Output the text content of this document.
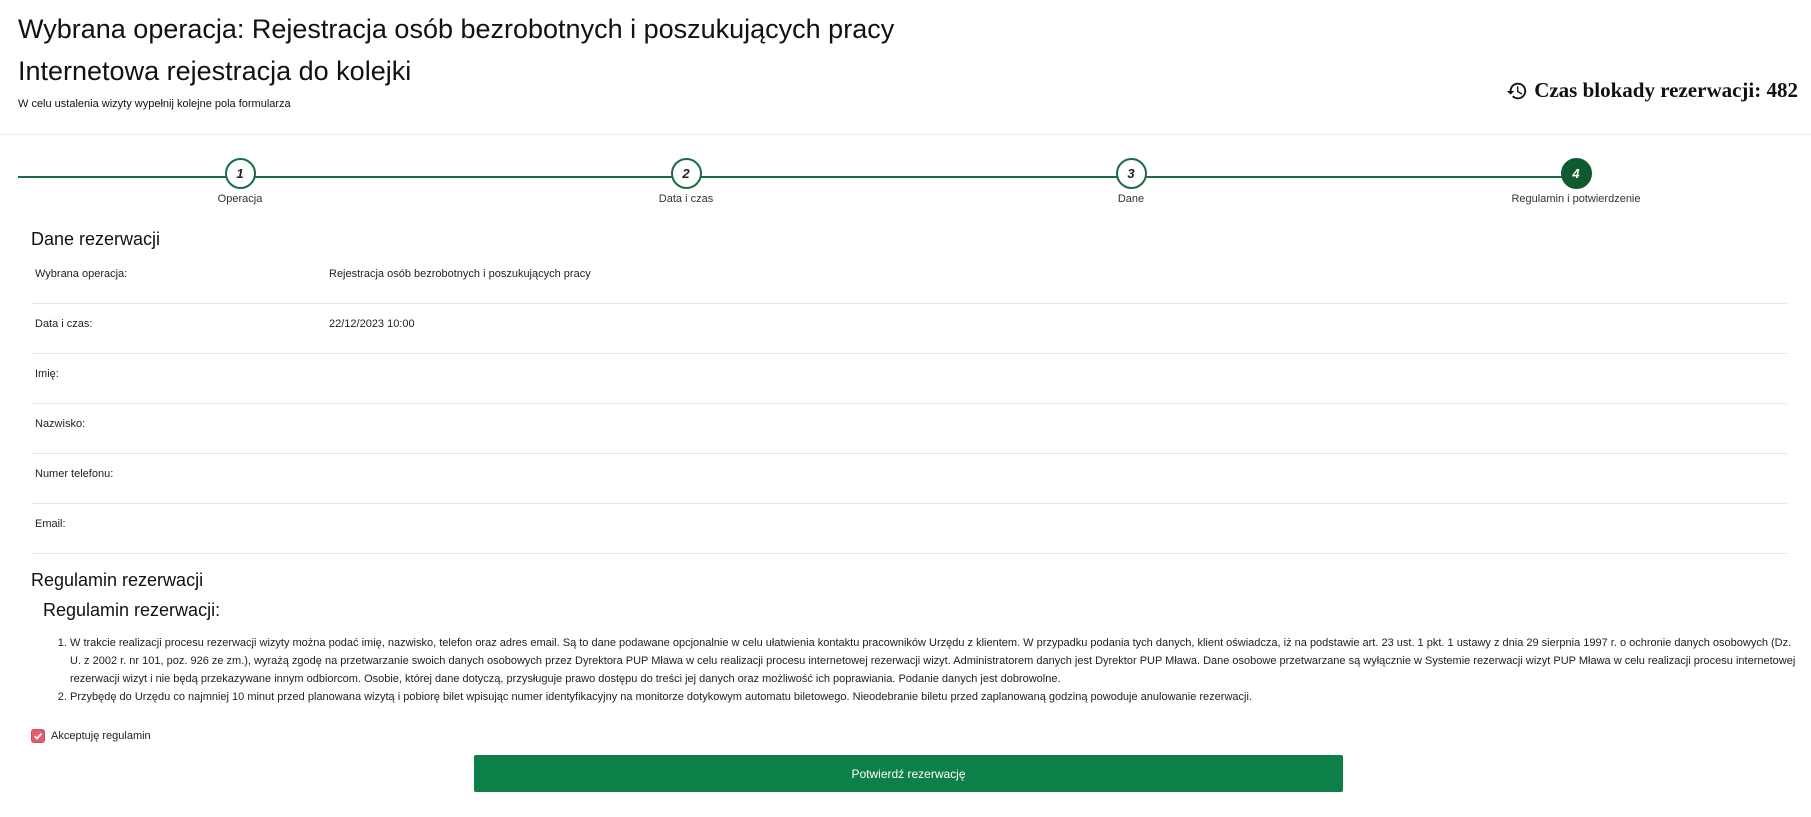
Wybrana operacja: Rejestracja osób bezrobotnych i poszukujących pracy
Internetowa rejestracja do kolejki
W celu ustalenia wizyty wypełnij kolejne pola formularza
Czas blokady rezerwacji: 482
1
Operacja
2
Data i czas
3
Dane
4
Regulamin i potwierdzenie
Dane rezerwacji
Wybrana operacja:	Rejestracja osób bezrobotnych i poszukujących pracy
Data i czas:	22/12/2023 10:00
Imię:
Nazwisko:
Numer telefonu:
Email:
Regulamin rezerwacji
Regulamin rezerwacji:
1. W trakcie realizacji procesu rezerwacji wizyty można podać imię, nazwisko, telefon oraz adres email. Są to dane podawane opcjonalnie w celu ułatwienia kontaktu pracowników Urzędu z klientem. W przypadku podania tych danych, klient oświadcza, iż na podstawie art. 23 ust. 1 pkt. 1 ustawy z dnia 29 sierpnia 1997 r. o ochronie danych osobowych (Dz. U. z 2002 r. nr 101, poz. 926 ze zm.), wyrażą zgodę na przetwarzanie swoich danych osobowych przez Dyrektora PUP Mława w celu realizacji procesu internetowej rezerwacji wizyt. Administratorem danych jest Dyrektor PUP Mława. Dane osobowe przetwarzane są wyłącznie w Systemie rezerwacji wizyt PUP Mława w celu realizacji procesu internetowej rezerwacji wizyt i nie będą przekazywane innym odbiorcom. Osobie, której dane dotyczą, przysługuje prawo dostępu do treści jej danych oraz możliwość ich poprawiania. Podanie danych jest dobrowolne.
2. Przybędę do Urzędu co najmniej 10 minut przed planowana wizytą i pobiorę bilet wpisując numer identyfikacyjny na monitorze dotykowym automatu biletowego. Nieodebranie biletu przed zaplanowaną godziną powoduje anulowanie rezerwacji.
Akceptuję regulamin
Potwierdź rezerwację
